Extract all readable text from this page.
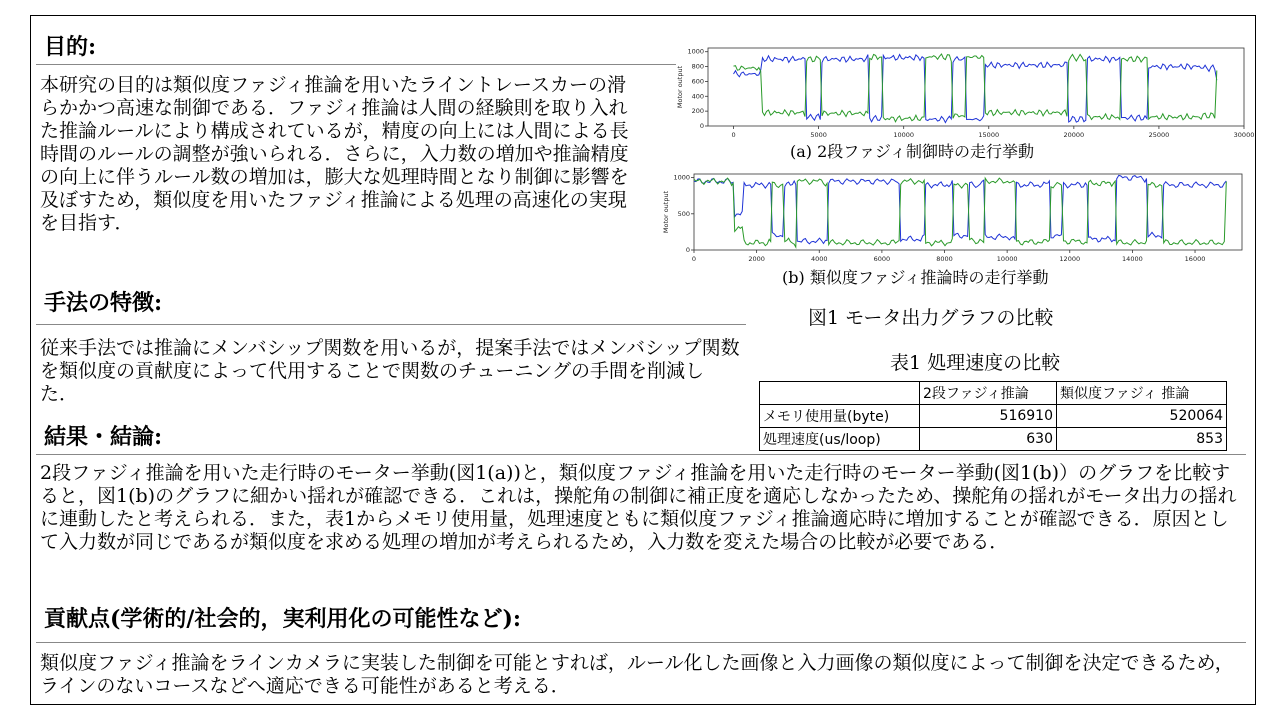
目的:
本研究の目的は類似度ファジィ推論を用いたライントレースカーの滑らかかつ高速な制御である．ファジィ推論は人間の経験則を取り入れた推論ルールにより構成されているが，精度の向上には人間による長時間のルールの調整が強いられる．さらに，入力数の増加や推論精度の向上に伴うルール数の増加は，膨大な処理時間となり制御に影響を及ぼすため，類似度を用いたファジィ推論による処理の高速化の実現を目指す．
手法の特徴:
従来手法では推論にメンバシップ関数を用いるが，提案手法ではメンバシップ関数を類似度の貢献度によって代用することで関数のチューニングの手間を削減した．
結果・結論:
2段ファジィ推論を用いた走行時のモーター挙動(図1(a))と，類似度ファジィ推論を用いた走行時のモーター挙動(図1(b)）のグラフを比較すると，図1(b)のグラフに細かい揺れが確認できる．これは，操舵角の制御に補正度を適応しなかったため、操舵角の揺れがモータ出力の揺れに連動したと考えられる．また，表1からメモリ使用量，処理速度ともに類似度ファジィ推論適応時に増加することが確認できる．原因として入力数が同じであるが類似度を求める処理の増加が考えられるため，入力数を変えた場合の比較が必要である．
貢献点(学術的/社会的，実利用化の可能性など):
類似度ファジィ推論をラインカメラに実装した制御を可能とすれば，ルール化した画像と入力画像の類似度によって制御を決定できるため，ラインのないコースなどへ適応できる可能性があると考える．
0	5000	10000	15000	20000	25000	30000
0
200
400
600
800
1000
Motor output
(a) 2段ファジィ制御時の走行挙動
0	2000	4000	6000	8000	10000	12000	14000	16000
0
500
1000
Motor output
(b) 類似度ファジィ推論時の走行挙動
図1 モータ出力グラフの比較
表1 処理速度の比較
	2段ファジィ推論	類似度ファジィ 推論
メモリ使用量(byte)	516910	520064
処理速度(us/loop)	630	853
